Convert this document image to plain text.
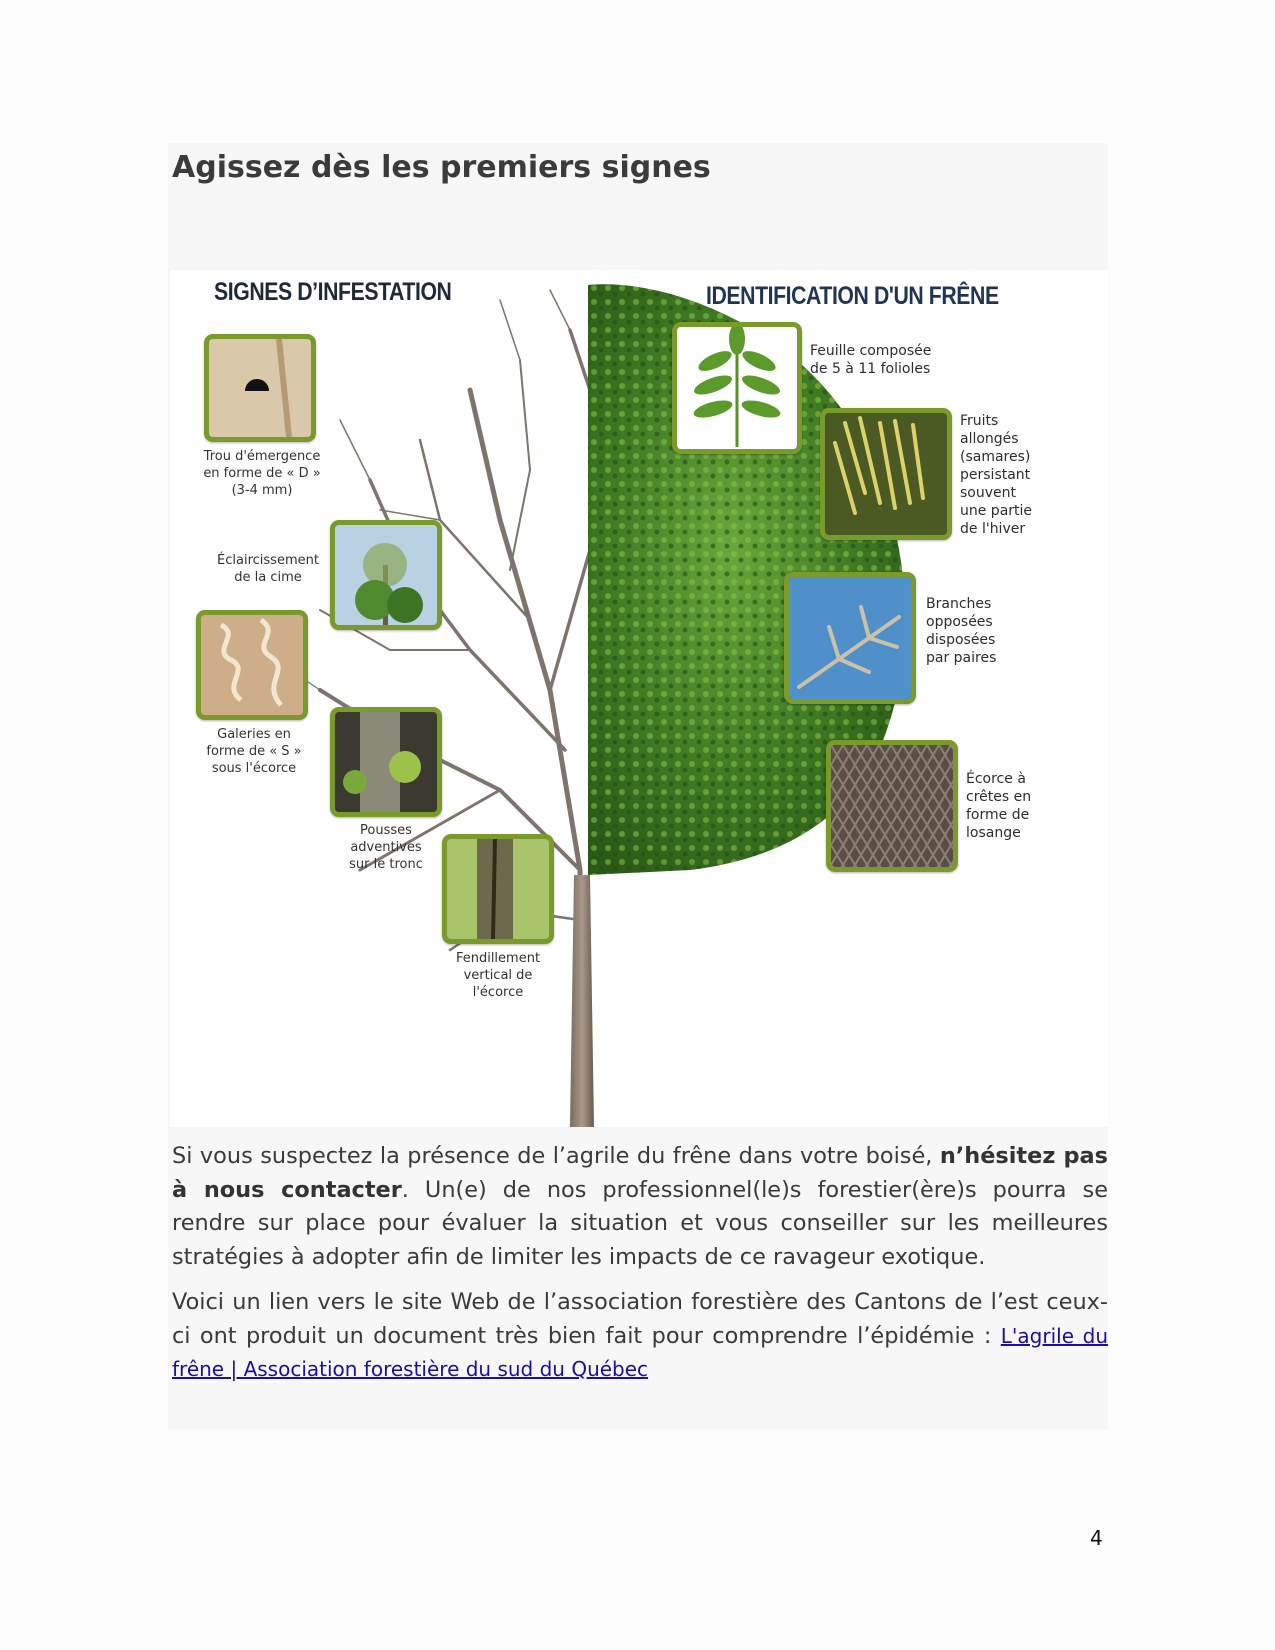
Agissez dès les premiers signes
SIGNES D’INFESTATION	IDENTIFICATION D'UN FRÊNE
Trou d'émergence
en forme de « D »
(3-4 mm)
Éclaircissement
de la cime
Galeries en
forme de « S »
sous l'écorce
Pousses
adventives
sur le tronc
Fendillement
vertical de
l'écorce
Feuille composée
de 5 à 11 folioles
Fruits
allongés
(samares)
persistant
souvent
une partie
de l'hiver
Branches
opposées
disposées
par paires
Écorce à
crêtes en
forme de
losange

Si vous suspectez la présence de l’agrile du frêne dans votre boisé, n’hésitez pas à nous contacter. Un(e) de nos professionnel(le)s forestier(ère)s pourra se rendre sur place pour évaluer la situation et vous conseiller sur les meilleures stratégies à adopter afin de limiter les impacts de ce ravageur exotique.

Voici un lien vers le site Web de l’association forestière des Cantons de l’est ceux-ci ont produit un document très bien fait pour comprendre l’épidémie : L'agrile du frêne | Association forestière du sud du Québec

4
